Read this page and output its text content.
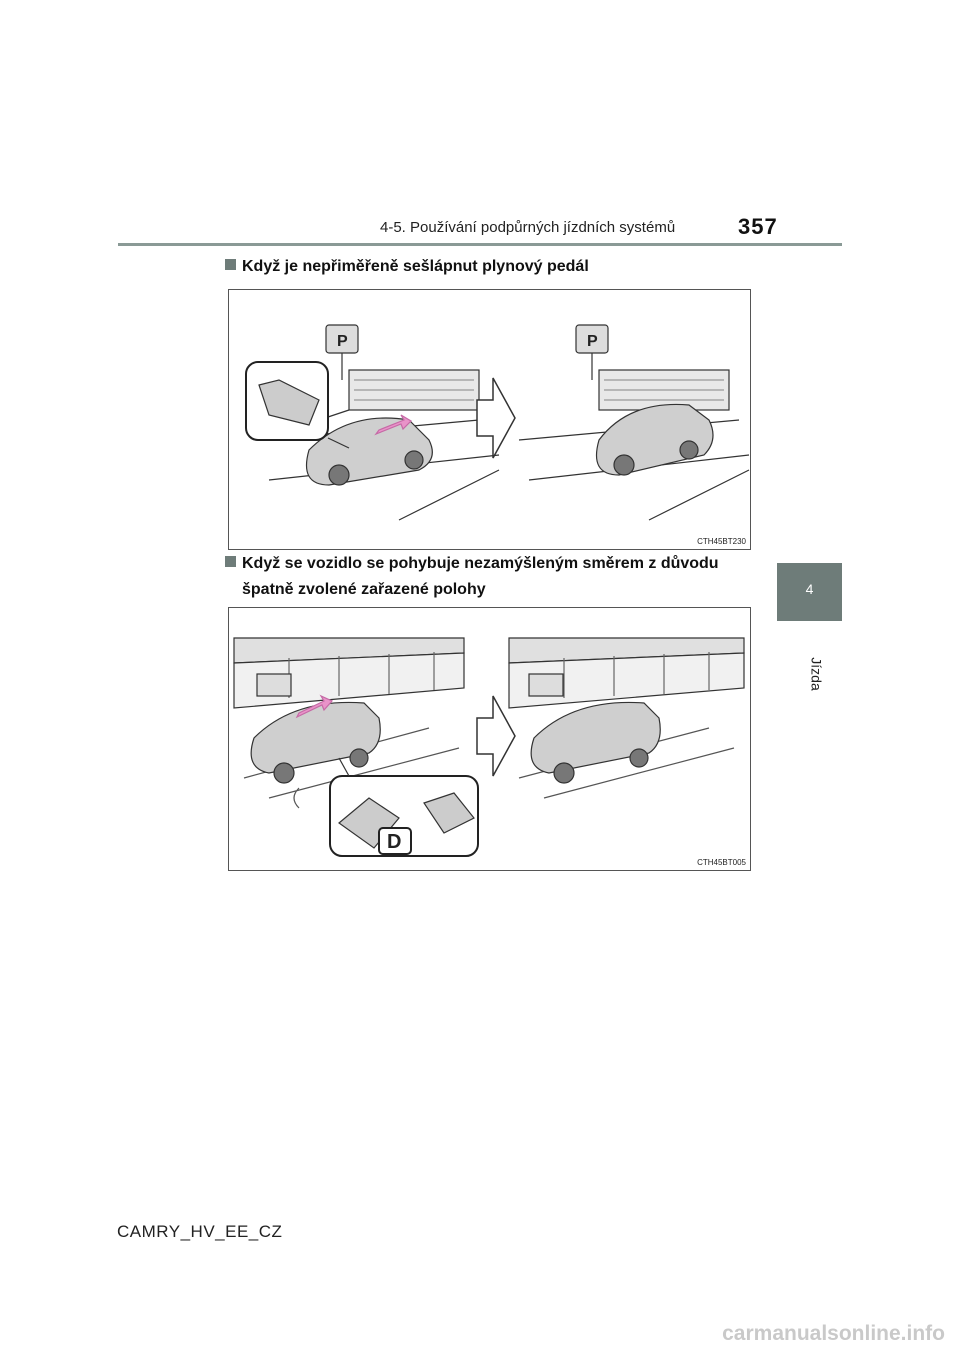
4-5. Používání podpůrných jízdních systémů	357
4
Jízda
Když je nepřiměřeně sešlápnut plynový pedál
P	P
CTH45BT230
Když se vozidlo se pohybuje nezamýšleným směrem z důvodu
špatně zvolené zařazené polohy
D
CTH45BT005
CAMRY_HV_EE_CZ
carmanualsonline.info
